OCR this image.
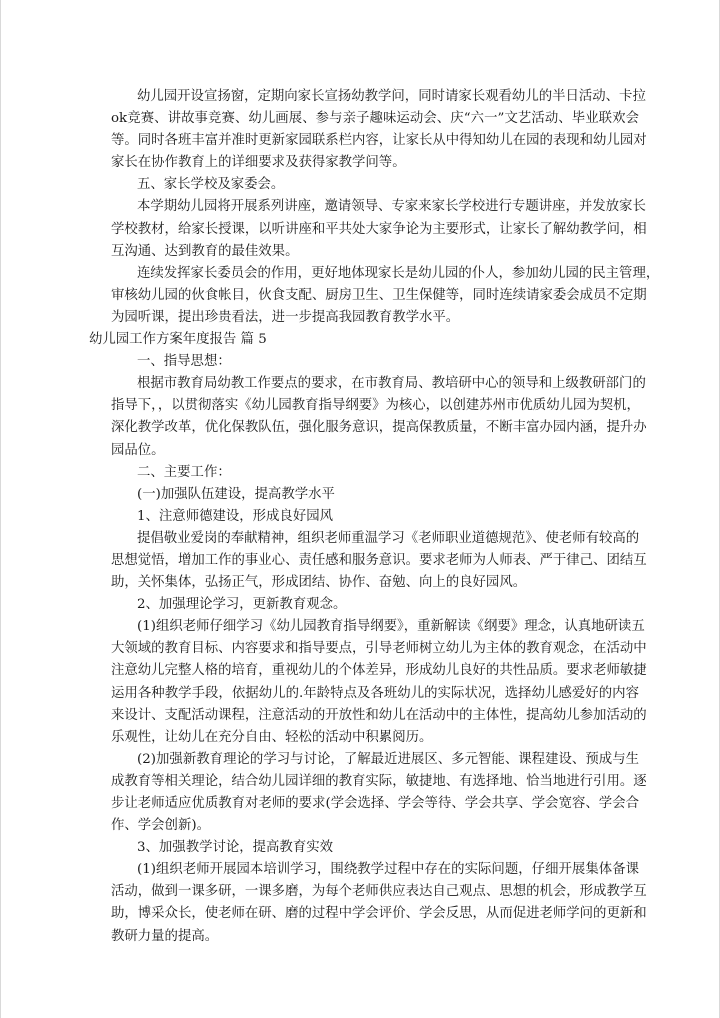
幼儿园开设宣扬窗，定期向家长宣扬幼教学问，同时请家长观看幼儿的半日活动、卡拉
ok竞赛、讲故事竞赛、幼儿画展、参与亲子趣味运动会、庆“六一”文艺活动、毕业联欢会
等。同时各班丰富并准时更新家园联系栏内容，让家长从中得知幼儿在园的表现和幼儿园对
家长在协作教育上的详细要求及获得家教学问等。
五、家长学校及家委会。
本学期幼儿园将开展系列讲座，邀请领导、专家来家长学校进行专题讲座，并发放家长
学校教材，给家长授课，以听讲座和平共处大家争论为主要形式，让家长了解幼教学问，相
互沟通、达到教育的最佳效果。
连续发挥家长委员会的作用，更好地体现家长是幼儿园的仆人，参加幼儿园的民主管理，
审核幼儿园的伙食帐目，伙食支配、厨房卫生、卫生保健等，同时连续请家委会成员不定期
为园听课，提出珍贵看法，进一步提高我园教育教学水平。
幼儿园工作方案年度报告 篇 5
一、指导思想：
根据市教育局幼教工作要点的要求，在市教育局、教培研中心的领导和上级教研部门的
指导下，，以贯彻落实《幼儿园教育指导纲要》为核心，以创建苏州市优质幼儿园为契机，
深化教学改革，优化保教队伍，强化服务意识，提高保教质量，不断丰富办园内涵，提升办
园品位。
二、主要工作：
(一)加强队伍建设，提高教学水平
1、注意师德建设，形成良好园风
提倡敬业爱岗的奉献精神，组织老师重温学习《老师职业道德规范》、使老师有较高的
思想觉悟，增加工作的事业心、责任感和服务意识。要求老师为人师表、严于律己、团结互
助，关怀集体，弘扬正气，形成团结、协作、奋勉、向上的良好园风。
2、加强理论学习，更新教育观念。
(1)组织老师仔细学习《幼儿园教育指导纲要》，重新解读《纲要》理念，认真地研读五
大领域的教育目标、内容要求和指导要点，引导老师树立幼儿为主体的教育观念，在活动中
注意幼儿完整人格的培育，重视幼儿的个体差异，形成幼儿良好的共性品质。要求老师敏捷
运用各种教学手段，依据幼儿的.年龄特点及各班幼儿的实际状况，选择幼儿感爱好的内容
来设计、支配活动课程，注意活动的开放性和幼儿在活动中的主体性，提高幼儿参加活动的
乐观性，让幼儿在充分自由、轻松的活动中积累阅历。
(2)加强新教育理论的学习与讨论，了解最近进展区、多元智能、课程建设、预成与生
成教育等相关理论，结合幼儿园详细的教育实际，敏捷地、有选择地、恰当地进行引用。逐
步让老师适应优质教育对老师的要求(学会选择、学会等待、学会共享、学会宽容、学会合
作、学会创新)。
3、加强教学讨论，提高教育实效
(1)组织老师开展园本培训学习，围绕教学过程中存在的实际问题，仔细开展集体备课
活动，做到一课多研，一课多磨，为每个老师供应表达自己观点、思想的机会，形成教学互
助，博采众长，使老师在研、磨的过程中学会评价、学会反思，从而促进老师学问的更新和
教研力量的提高。
